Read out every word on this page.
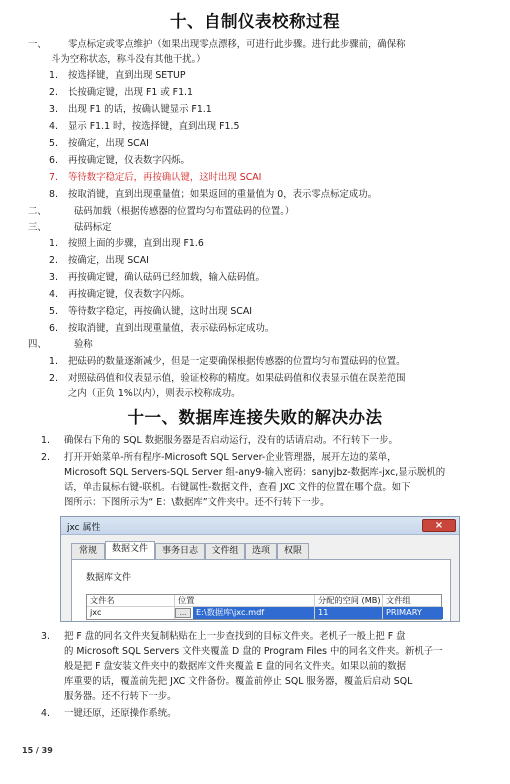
十、自制仪表校称过程
一、 零点标定或零点维护（如果出现零点漂移，可进行此步骤。进行此步骤前，确保称
斗为空称状态，称斗没有其他干扰。）
1. 按选择键，直到出现 SETUP
2. 长按确定键，出现 F1 或 F1.1
3. 出现 F1 的话，按确认键显示 F1.1
4. 显示 F1.1 时，按选择键，直到出现 F1.5
5. 按确定，出现 SCAI
6. 再按确定键，仪表数字闪烁。
7. 等待数字稳定后，再按确认键，这时出现 SCAI
8. 按取消键，直到出现重量值；如果返回的重量值为 0，表示零点标定成功。
二、	砝码加载（根据传感器的位置均匀布置砝码的位置。）
三、	砝码标定
1. 按照上面的步骤，直到出现 F1.6
2. 按确定，出现 SCAI
3. 再按确定键，确认砝码已经加载，输入砝码值。
4. 再按确定键，仪表数字闪烁。
5. 等待数字稳定，再按确认键，这时出现 SCAI
6. 按取消键，直到出现重量值，表示砝码标定成功。
四、	验称
1. 把砝码的数量逐渐减少，但是一定要确保根据传感器的位置均匀布置砝码的位置。
2. 对照砝码值和仪表显示值，验证校称的精度。如果砝码值和仪表显示值在误差范围
之内（正负 1%以内），则表示校称成功。
十一、数据库连接失败的解决办法
1. 确保右下角的 SQL 数据服务器是否启动运行，没有的话请启动。不行转下一步。
2. 打开开始菜单-所有程序-Microsoft SQL Server-企业管理器，展开左边的菜单，
Microsoft SQL Servers-SQL Server 组-any9-输入密码：sanyjbz-数据库-jxc,显示脱机的
话，单击鼠标右键-联机。右键属性-数据文件，查看 JXC 文件的位置在哪个盘。如下
图所示：下图所示为“ E：\数据库”文件夹中。还不行转下一步。
jxc 属性	×
常规	数据文件	事务日志	文件组	选项	权限
数据库文件
文件名	位置	分配的空间 (MB) 文件组
jxc	...	E:\数据库\jxc.mdf	11	PRIMARY
3. 把 F 盘的同名文件夹复制粘贴在上一步查找到的目标文件夹。老机子一般上把 F 盘
的 Microsoft SQL Servers 文件夹覆盖 D 盘的 Program Files 中的同名文件夹。新机子一
般是把 F 盘安装文件夹中的数据库文件夹覆盖 E 盘的同名文件夹。如果以前的数据
库重要的话，覆盖前先把 JXC 文件备份。覆盖前停止 SQL 服务器，覆盖后启动 SQL
服务器。还不行转下一步。
4. 一键还原，还原操作系统。
15 / 39
